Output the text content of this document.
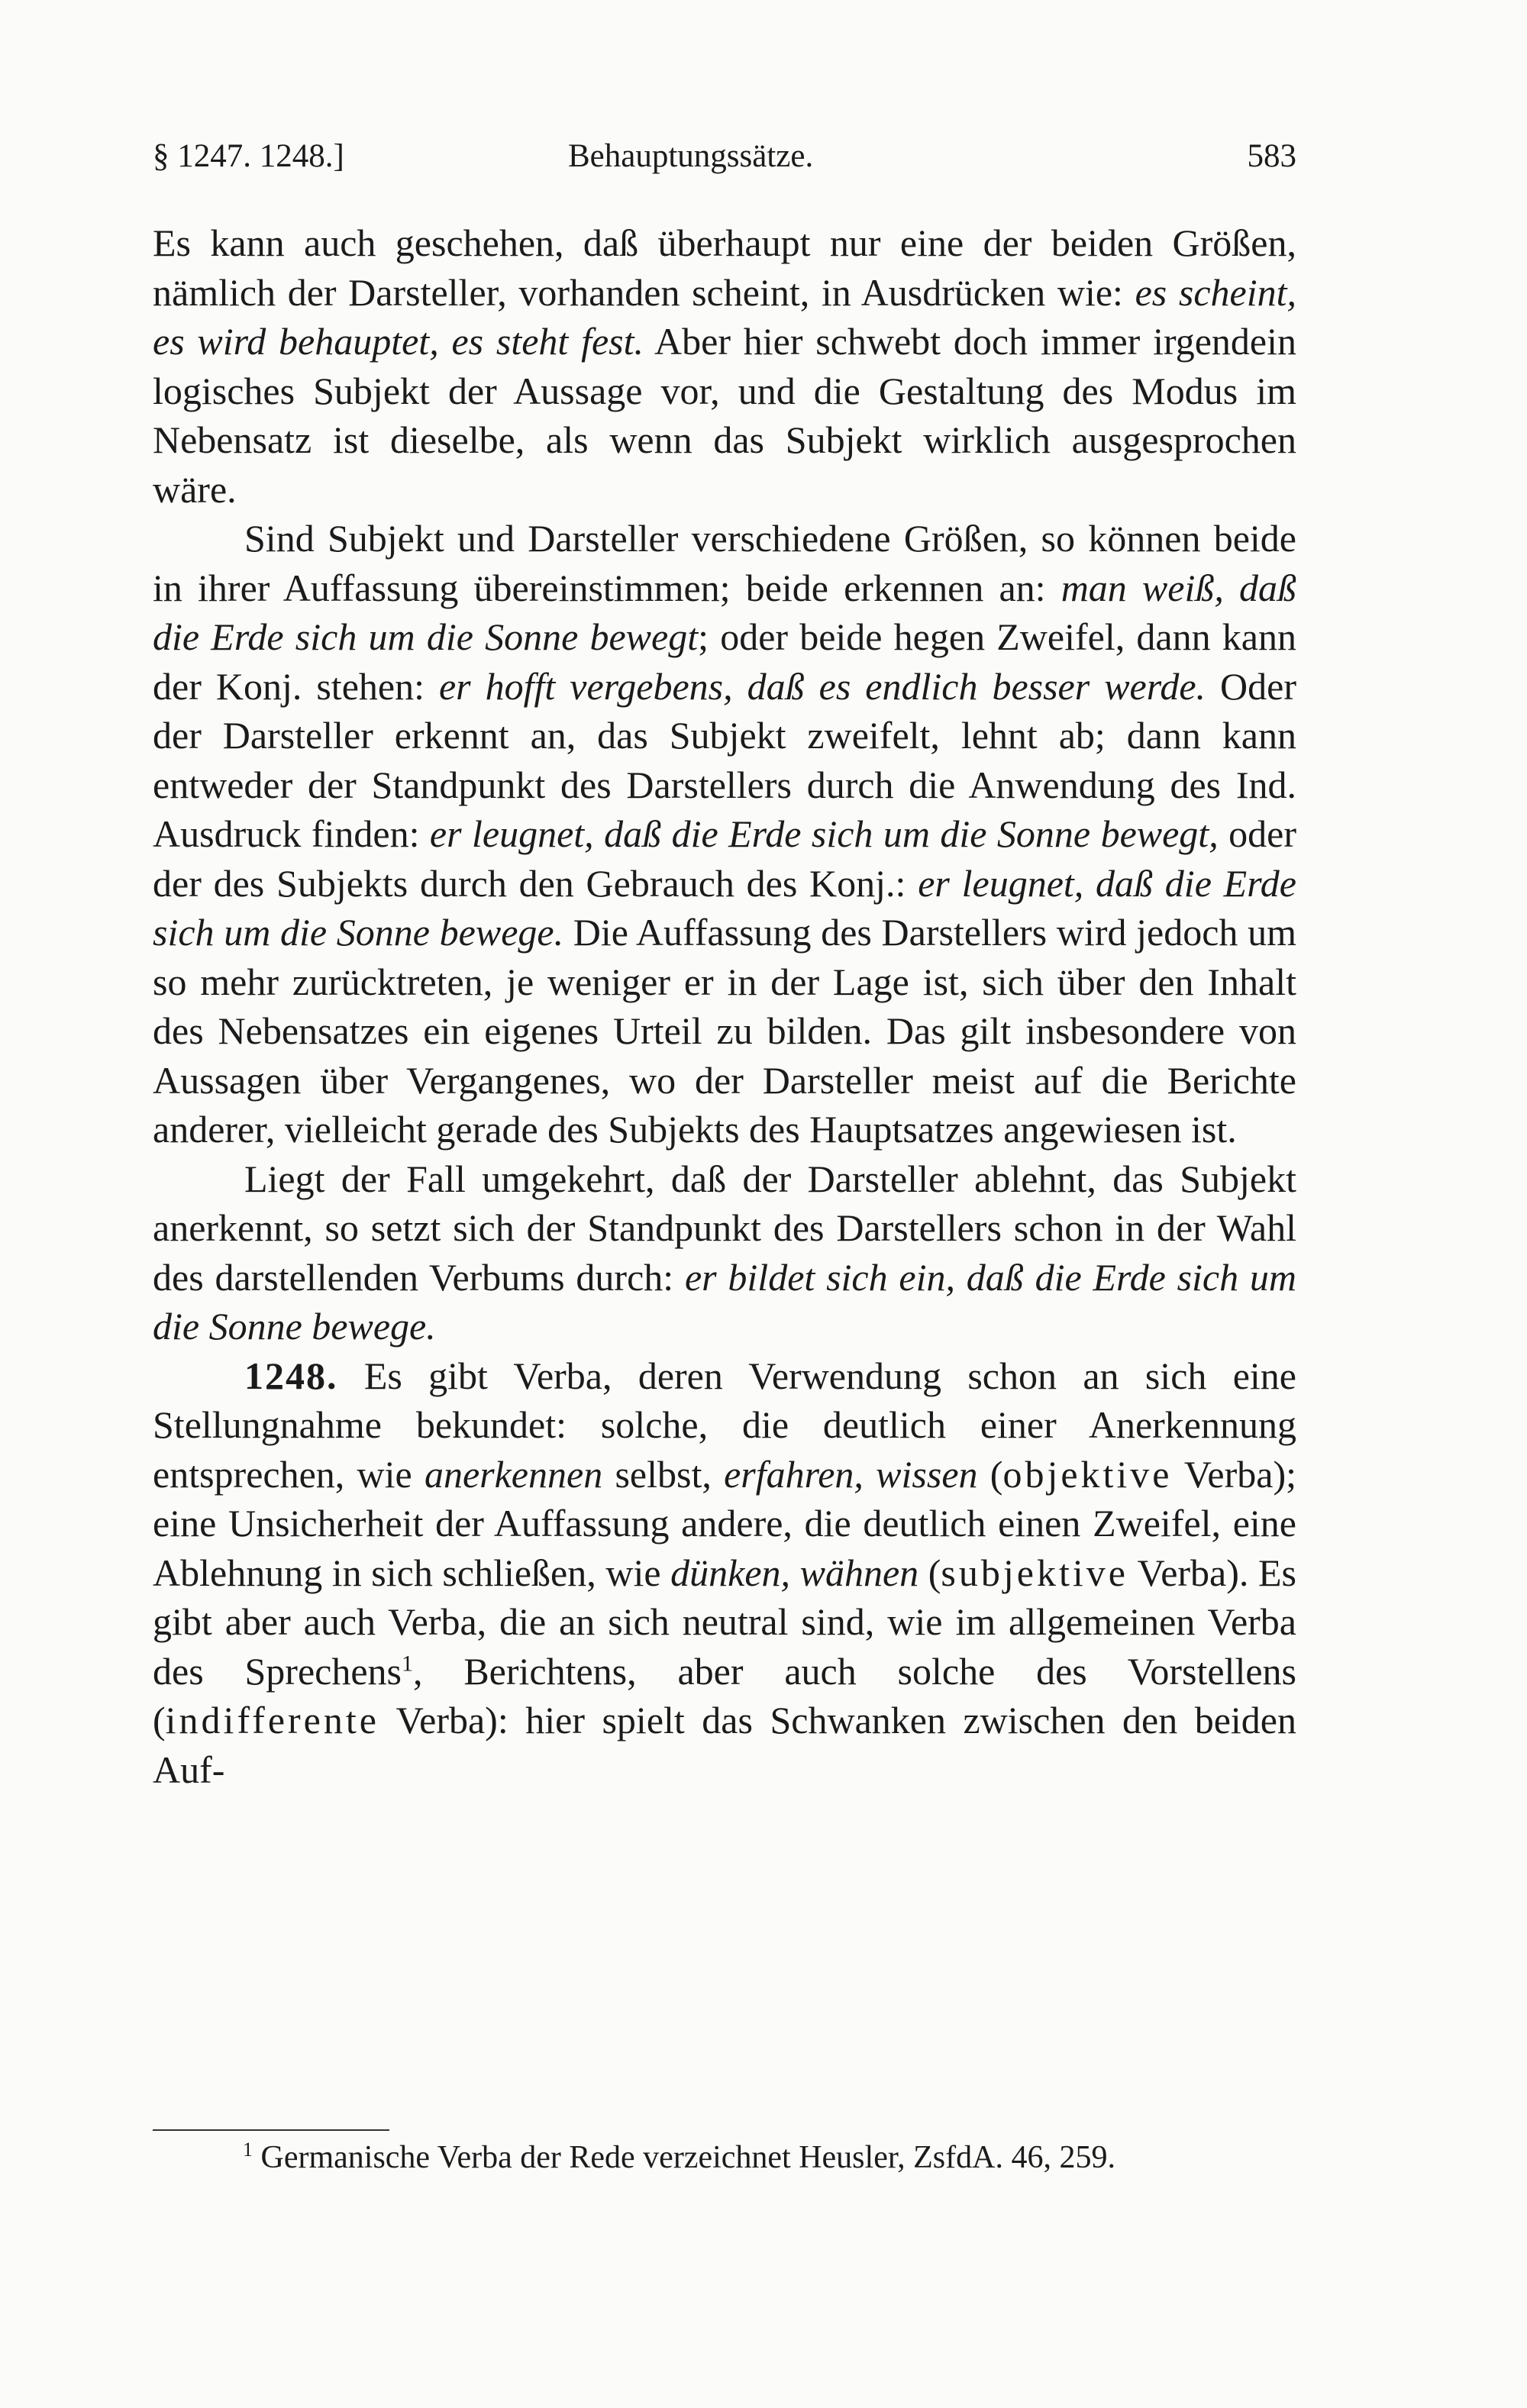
§ 1247. 1248.]	Behauptungssätze.	583

Es kann auch geschehen, daß überhaupt nur eine der beiden Größen, nämlich der Darsteller, vorhanden scheint, in Ausdrücken wie: es scheint, es wird behauptet, es steht fest. Aber hier schwebt doch immer irgendein logisches Subjekt der Aussage vor, und die Gestaltung des Modus im Nebensatz ist dieselbe, als wenn das Subjekt wirklich ausgesprochen wäre.

Sind Subjekt und Darsteller verschiedene Größen, so können beide in ihrer Auffassung übereinstimmen; beide erkennen an: man weiß, daß die Erde sich um die Sonne bewegt; oder beide hegen Zweifel, dann kann der Konj. stehen: er hofft vergebens, daß es endlich besser werde. Oder der Darsteller erkennt an, das Subjekt zweifelt, lehnt ab; dann kann entweder der Standpunkt des Darstellers durch die Anwendung des Ind. Ausdruck finden: er leugnet, daß die Erde sich um die Sonne bewegt, oder der des Subjekts durch den Gebrauch des Konj.: er leugnet, daß die Erde sich um die Sonne bewege. Die Auffassung des Darstellers wird jedoch um so mehr zurücktreten, je weniger er in der Lage ist, sich über den Inhalt des Nebensatzes ein eigenes Urteil zu bilden. Das gilt insbesondere von Aussagen über Vergangenes, wo der Darsteller meist auf die Berichte anderer, vielleicht gerade des Subjekts des Hauptsatzes angewiesen ist.

Liegt der Fall umgekehrt, daß der Darsteller ablehnt, das Subjekt anerkennt, so setzt sich der Standpunkt des Darstellers schon in der Wahl des darstellenden Verbums durch: er bildet sich ein, daß die Erde sich um die Sonne bewege.

1248. Es gibt Verba, deren Verwendung schon an sich eine Stellungnahme bekundet: solche, die deutlich einer Anerkennung entsprechen, wie anerkennen selbst, erfahren, wissen (objektive Verba); eine Unsicherheit der Auffassung andere, die deutlich einen Zweifel, eine Ablehnung in sich schließen, wie dünken, wähnen (subjektive Verba). Es gibt aber auch Verba, die an sich neutral sind, wie im allgemeinen Verba des Sprechens$^1$, Berichtens, aber auch solche des Vorstellens (indifferente Verba): hier spielt das Schwanken zwischen den beiden Auf-

$^1$ Germanische Verba der Rede verzeichnet Heusler, ZsfdA. 46, 259.
